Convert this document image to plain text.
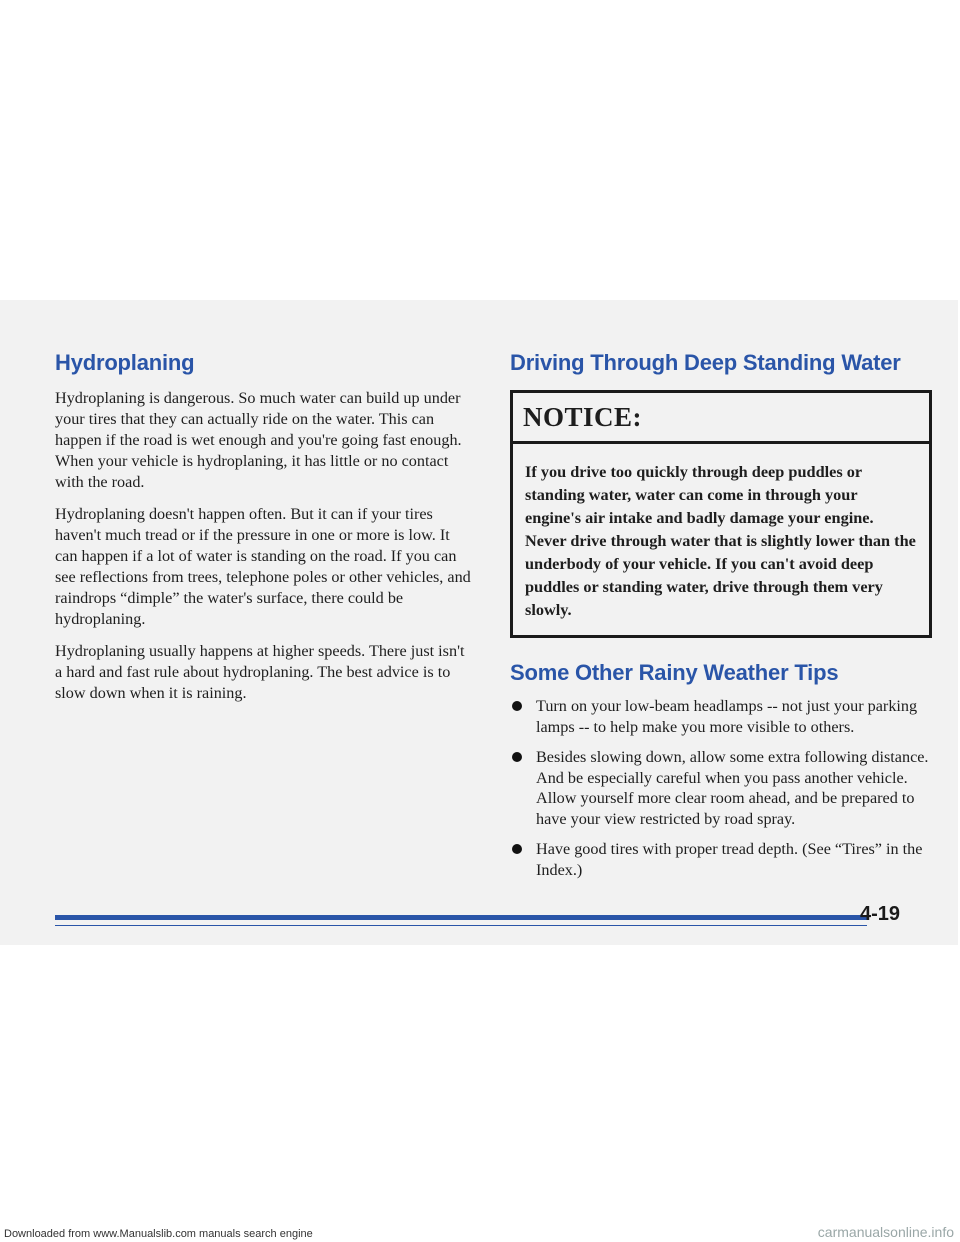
Hydroplaning

Hydroplaning is dangerous. So much water can build up under your tires that they can actually ride on the water. This can happen if the road is wet enough and you're going fast enough. When your vehicle is hydroplaning, it has little or no contact with the road.

Hydroplaning doesn't happen often. But it can if your tires haven't much tread or if the pressure in one or more is low. It can happen if a lot of water is standing on the road. If you can see reflections from trees, telephone poles or other vehicles, and raindrops “dimple” the water's surface, there could be hydroplaning.

Hydroplaning usually happens at higher speeds. There just isn't a hard and fast rule about hydroplaning. The best advice is to slow down when it is raining.

Driving Through Deep Standing Water
NOTICE:
If you drive too quickly through deep puddles or standing water, water can come in through your engine's air intake and badly damage your engine. Never drive through water that is slightly lower than the underbody of your vehicle. If you can't avoid deep puddles or standing water, drive through them very slowly.
Some Other Rainy Weather Tips
Turn on your low-beam headlamps -- not just your parking lamps -- to help make you more visible to others.
Besides slowing down, allow some extra following distance. And be especially careful when you pass another vehicle. Allow yourself more clear room ahead, and be prepared to have your view restricted by road spray.
Have good tires with proper tread depth. (See “Tires” in the Index.)
4-19
Downloaded from www.Manualslib.com manuals search engine	carmanualsonline.info
